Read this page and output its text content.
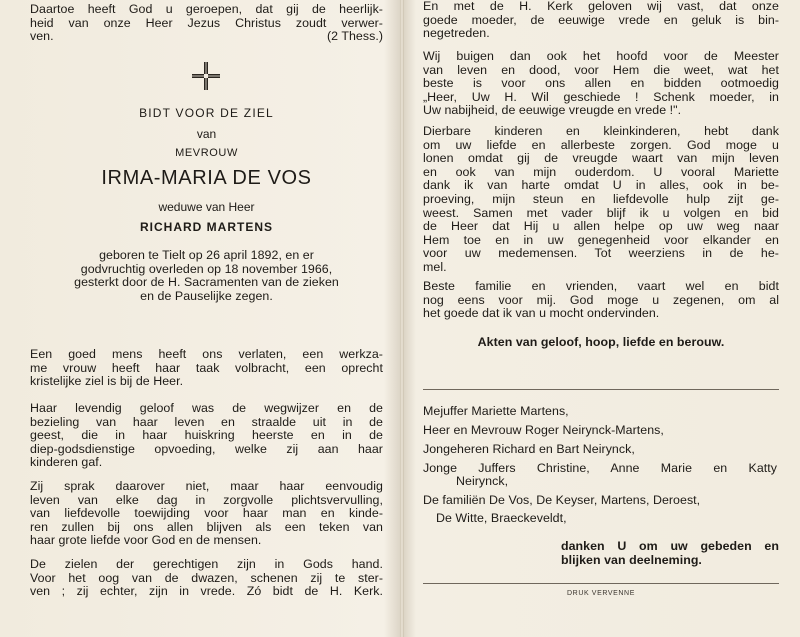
Daartoe heeft God u geroepen, dat gij de heerlijk-

heid van onze Heer Jezus Christus zoudt verwer-

ven.	(2 Thess.)

BIDT VOOR DE ZIEL
van
MEVROUW
IRMA-MARIA DE VOS
weduwe van Heer
RICHARD MARTENS

geboren te Tielt op 26 april 1892, en er

godvruchtig overleden op 18 november 1966,

gesterkt door de H. Sacramenten van de zieken

en de Pauselijke zegen.

Een goed mens heeft ons verlaten, een werkza-

me vrouw heeft haar taak volbracht, een oprecht

kristelijke ziel is bij de Heer.

Haar levendig geloof was de wegwijzer en de

bezieling van haar leven en straalde uit in de

geest, die in haar huiskring heerste en in de

diep-godsdienstige opvoeding, welke zij aan haar

kinderen gaf.

Zij sprak daarover niet, maar haar eenvoudig

leven van elke dag in zorgvolle plichtsvervulling,

van liefdevolle toewijding voor haar man en kinde-

ren zullen bij ons allen blijven als een teken van

haar grote liefde voor God en de mensen.

De zielen der gerechtigen zijn in Gods hand.

Voor het oog van de dwazen, schenen zij te ster-

ven ; zij echter, zijn in vrede. Zó bidt de H. Kerk.

En met de H. Kerk geloven wij vast, dat onze

goede moeder, de eeuwige vrede en geluk is bin-

negetreden.

Wij buigen dan ook het hoofd voor de Meester

van leven en dood, voor Hem die weet, wat het

beste is voor ons allen en bidden ootmoedig

„Heer, Uw H. Wil geschiede ! Schenk moeder, in

Uw nabijheid, de eeuwige vreugde en vrede !".

Dierbare kinderen en kleinkinderen, hebt dank

om uw liefde en allerbeste zorgen. God moge u

lonen omdat gij de vreugde waart van mijn leven

en ook van mijn ouderdom. U vooral Mariette

dank ik van harte omdat U in alles, ook in be-

proeving, mijn steun en liefdevolle hulp zijt ge-

weest. Samen met vader blijf ik u volgen en bid

de Heer dat Hij u allen helpe op uw weg naar

Hem toe en in uw genegenheid voor elkander en

voor uw medemensen. Tot weerziens in de he-

mel.

Beste familie en vrienden, vaart wel en bidt

nog eens voor mij. God moge u zegenen, om al

het goede dat ik van u mocht ondervinden.

Akten van geloof, hoop, liefde en berouw.

Mejuffer Mariette Martens,

Heer en Mevrouw Roger Neirynck-Martens,

Jongeheren Richard en Bart Neirynck,

Jonge Juffers Christine, Anne Marie en Katty

Neirynck,

De familiën De Vos, De Keyser, Martens, Deroest,

De Witte, Braeckeveldt,

danken U om uw gebeden en

blijken van deelneming.

DRUK VERVENNE
